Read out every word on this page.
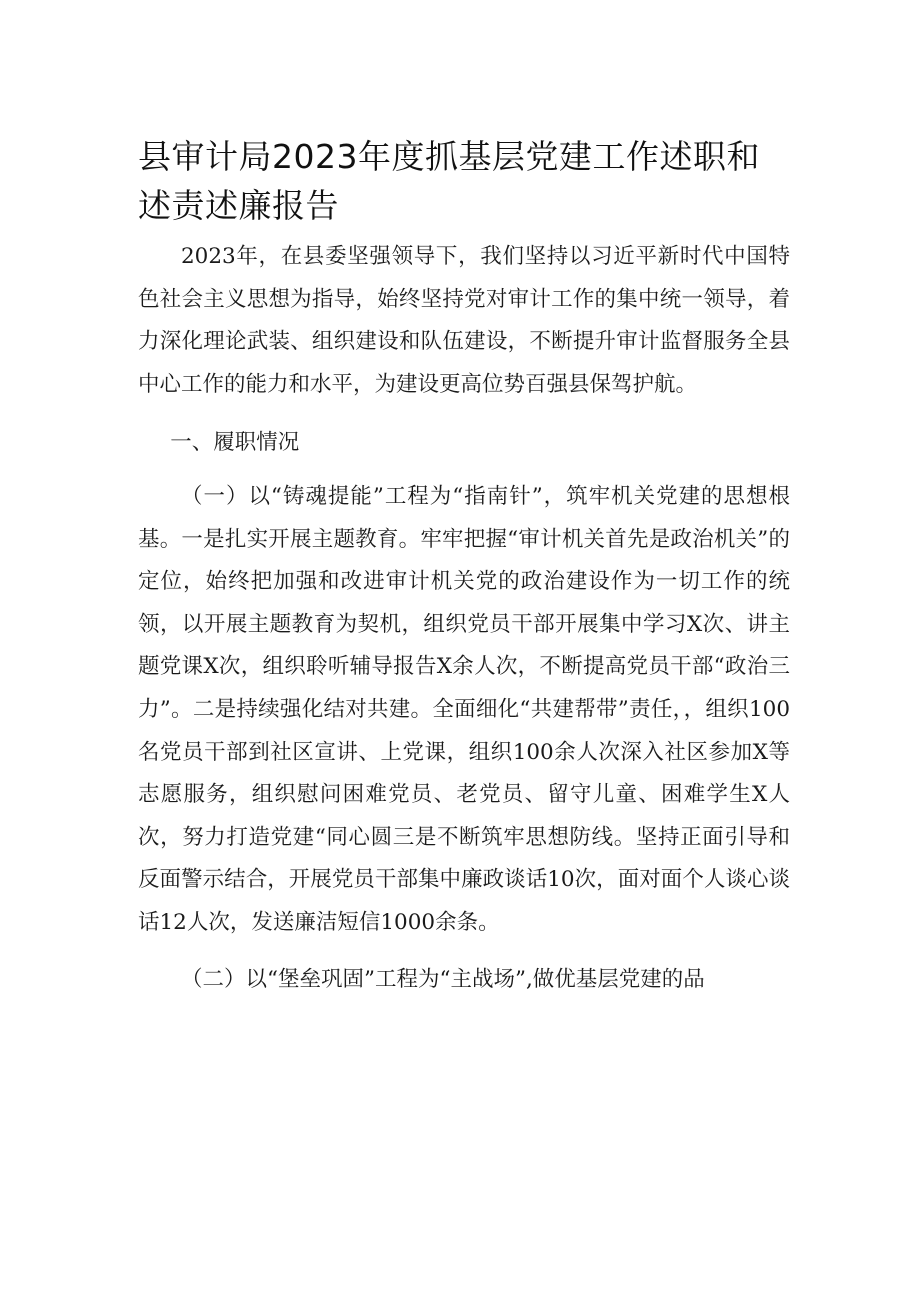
县审计局2023年度抓基层党建工作述职和述责述廉报告

2023年，在县委坚强领导下，我们坚持以习近平新时代中国特色社会主义思想为指导，始终坚持党对审计工作的集中统一领导，着力深化理论武装、组织建设和队伍建设，不断提升审计监督服务全县中心工作的能力和水平，为建设更高位势百强县保驾护航。

一、履职情况

（一）以“铸魂提能”工程为“指南针”，筑牢机关党建的思想根基。一是扎实开展主题教育。牢牢把握“审计机关首先是政治机关”的定位，始终把加强和改进审计机关党的政治建设作为一切工作的统领，以开展主题教育为契机，组织党员干部开展集中学习X次、讲主题党课X次，组织聆听辅导报告X余人次，不断提高党员干部“政治三力”。二是持续强化结对共建。全面细化“共建帮带”责任，，组织100名党员干部到社区宣讲、上党课，组织100余人次深入社区参加X等志愿服务，组织慰问困难党员、老党员、留守儿童、困难学生X人次，努力打造党建“同心圆三是不断筑牢思想防线。坚持正面引导和反面警示结合，开展党员干部集中廉政谈话10次，面对面个人谈心谈话12人次，发送廉洁短信1000余条。

（二）以“堡垒巩固”工程为“主战场”,做优基层党建的品
